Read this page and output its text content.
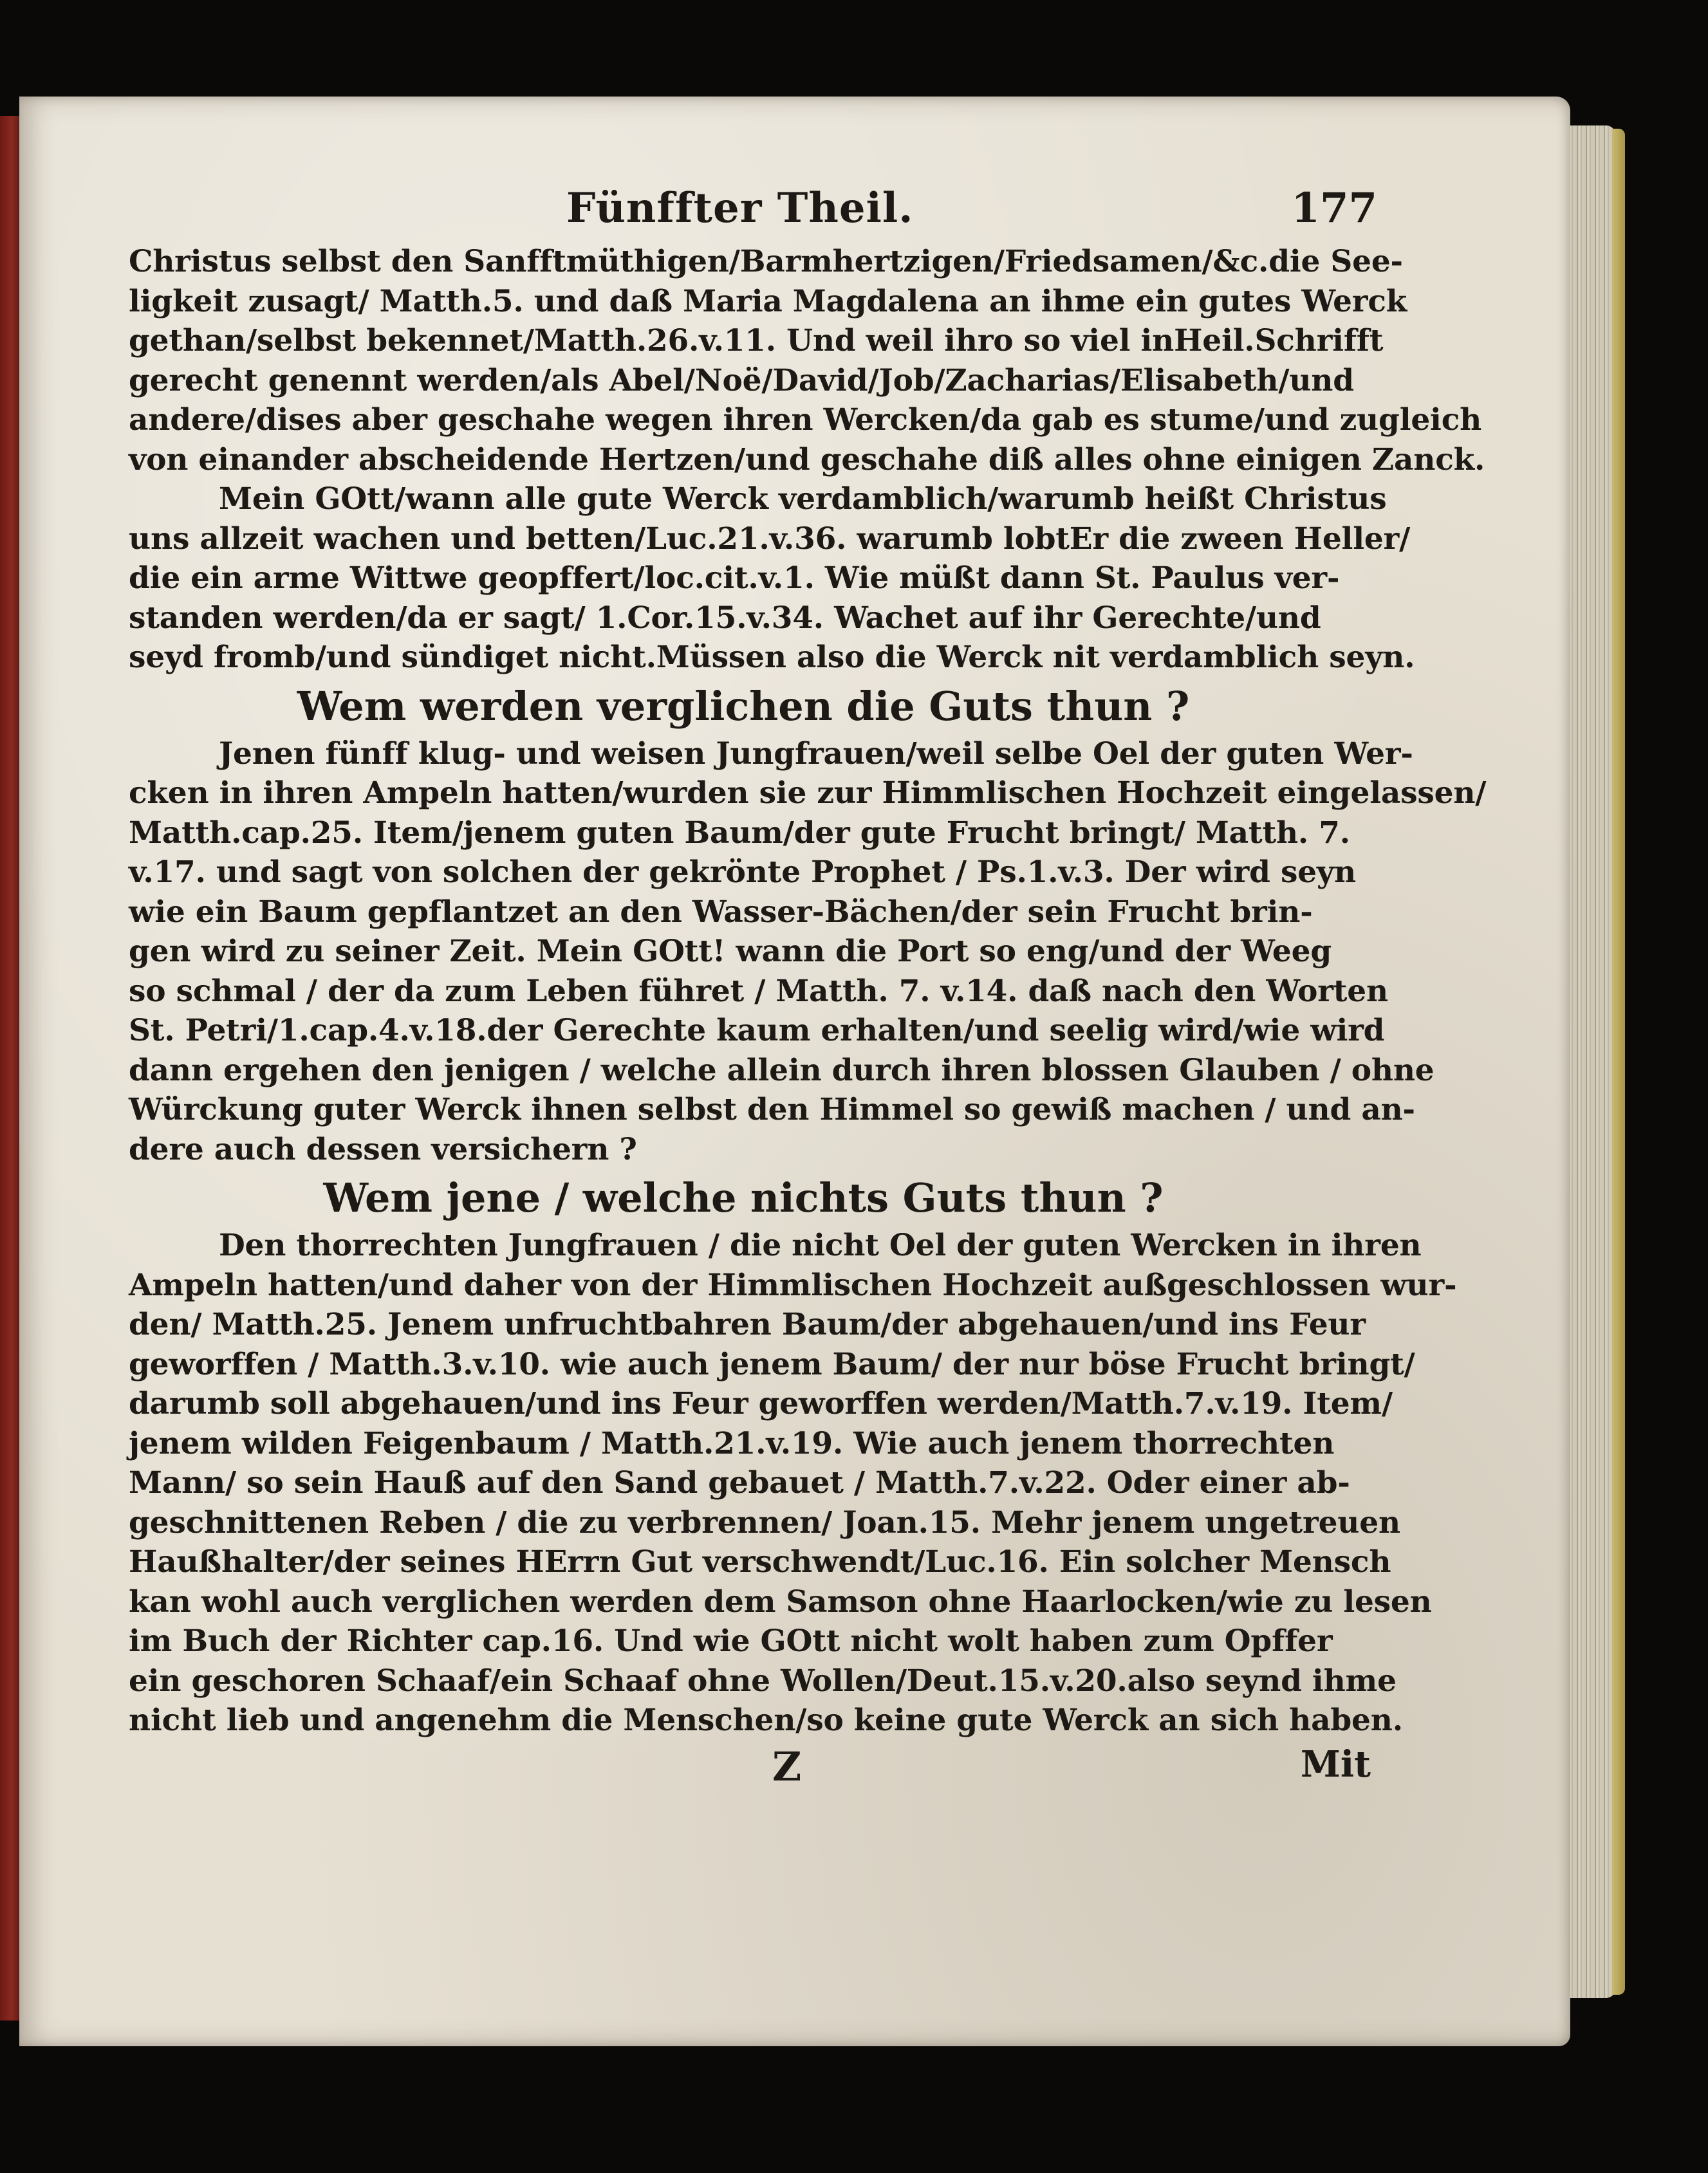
Fünffter Theil.	177
Christus selbst den Sanfftmüthigen/Barmhertzigen/Friedsamen/&c.die See-
ligkeit zusagt/ Matth.5. und daß Maria Magdalena an ihme ein gutes Werck
gethan/selbst bekennet/Matth.26.v.11. Und weil ihro so viel inHeil.Schrifft
gerecht genennt werden/als Abel/Noë/David/Job/Zacharias/Elisabeth/und
andere/dises aber geschahe wegen ihren Wercken/da gab es stume/und zugleich
von einander abscheidende Hertzen/und geschahe diß alles ohne einigen Zanck.
Mein GOtt/wann alle gute Werck verdamblich/warumb heißt Christus
uns allzeit wachen und betten/Luc.21.v.36. warumb lobtEr die zween Heller/
die ein arme Wittwe geopffert/loc.cit.v.1. Wie müßt dann St. Paulus ver-
standen werden/da er sagt/ 1.Cor.15.v.34. Wachet auf ihr Gerechte/und
seyd fromb/und sündiget nicht.Müssen also die Werck nit verdamblich seyn.
Wem werden verglichen die Guts thun ?
Jenen fünff klug- und weisen Jungfrauen/weil selbe Oel der guten Wer-
cken in ihren Ampeln hatten/wurden sie zur Himmlischen Hochzeit eingelassen/
Matth.cap.25. Item/jenem guten Baum/der gute Frucht bringt/ Matth. 7.
v.17. und sagt von solchen der gekrönte Prophet / Ps.1.v.3. Der wird seyn
wie ein Baum gepflantzet an den Wasser-Bächen/der sein Frucht brin-
gen wird zu seiner Zeit. Mein GOtt! wann die Port so eng/und der Weeg
so schmal / der da zum Leben führet / Matth. 7. v.14. daß nach den Worten
St. Petri/1.cap.4.v.18.der Gerechte kaum erhalten/und seelig wird/wie wird
dann ergehen den jenigen / welche allein durch ihren blossen Glauben / ohne
Würckung guter Werck ihnen selbst den Himmel so gewiß machen / und an-
dere auch dessen versichern ?
Wem jene / welche nichts Guts thun ?
Den thorrechten Jungfrauen / die nicht Oel der guten Wercken in ihren
Ampeln hatten/und daher von der Himmlischen Hochzeit außgeschlossen wur-
den/ Matth.25. Jenem unfruchtbahren Baum/der abgehauen/und ins Feur
geworffen / Matth.3.v.10. wie auch jenem Baum/ der nur böse Frucht bringt/
darumb soll abgehauen/und ins Feur geworffen werden/Matth.7.v.19. Item/
jenem wilden Feigenbaum / Matth.21.v.19. Wie auch jenem thorrechten
Mann/ so sein Hauß auf den Sand gebauet / Matth.7.v.22. Oder einer ab-
geschnittenen Reben / die zu verbrennen/ Joan.15. Mehr jenem ungetreuen
Haußhalter/der seines HErrn Gut verschwendt/Luc.16. Ein solcher Mensch
kan wohl auch verglichen werden dem Samson ohne Haarlocken/wie zu lesen
im Buch der Richter cap.16. Und wie GOtt nicht wolt haben zum Opffer
ein geschoren Schaaf/ein Schaaf ohne Wollen/Deut.15.v.20.also seynd ihme
nicht lieb und angenehm die Menschen/so keine gute Werck an sich haben.
Z	Mit
